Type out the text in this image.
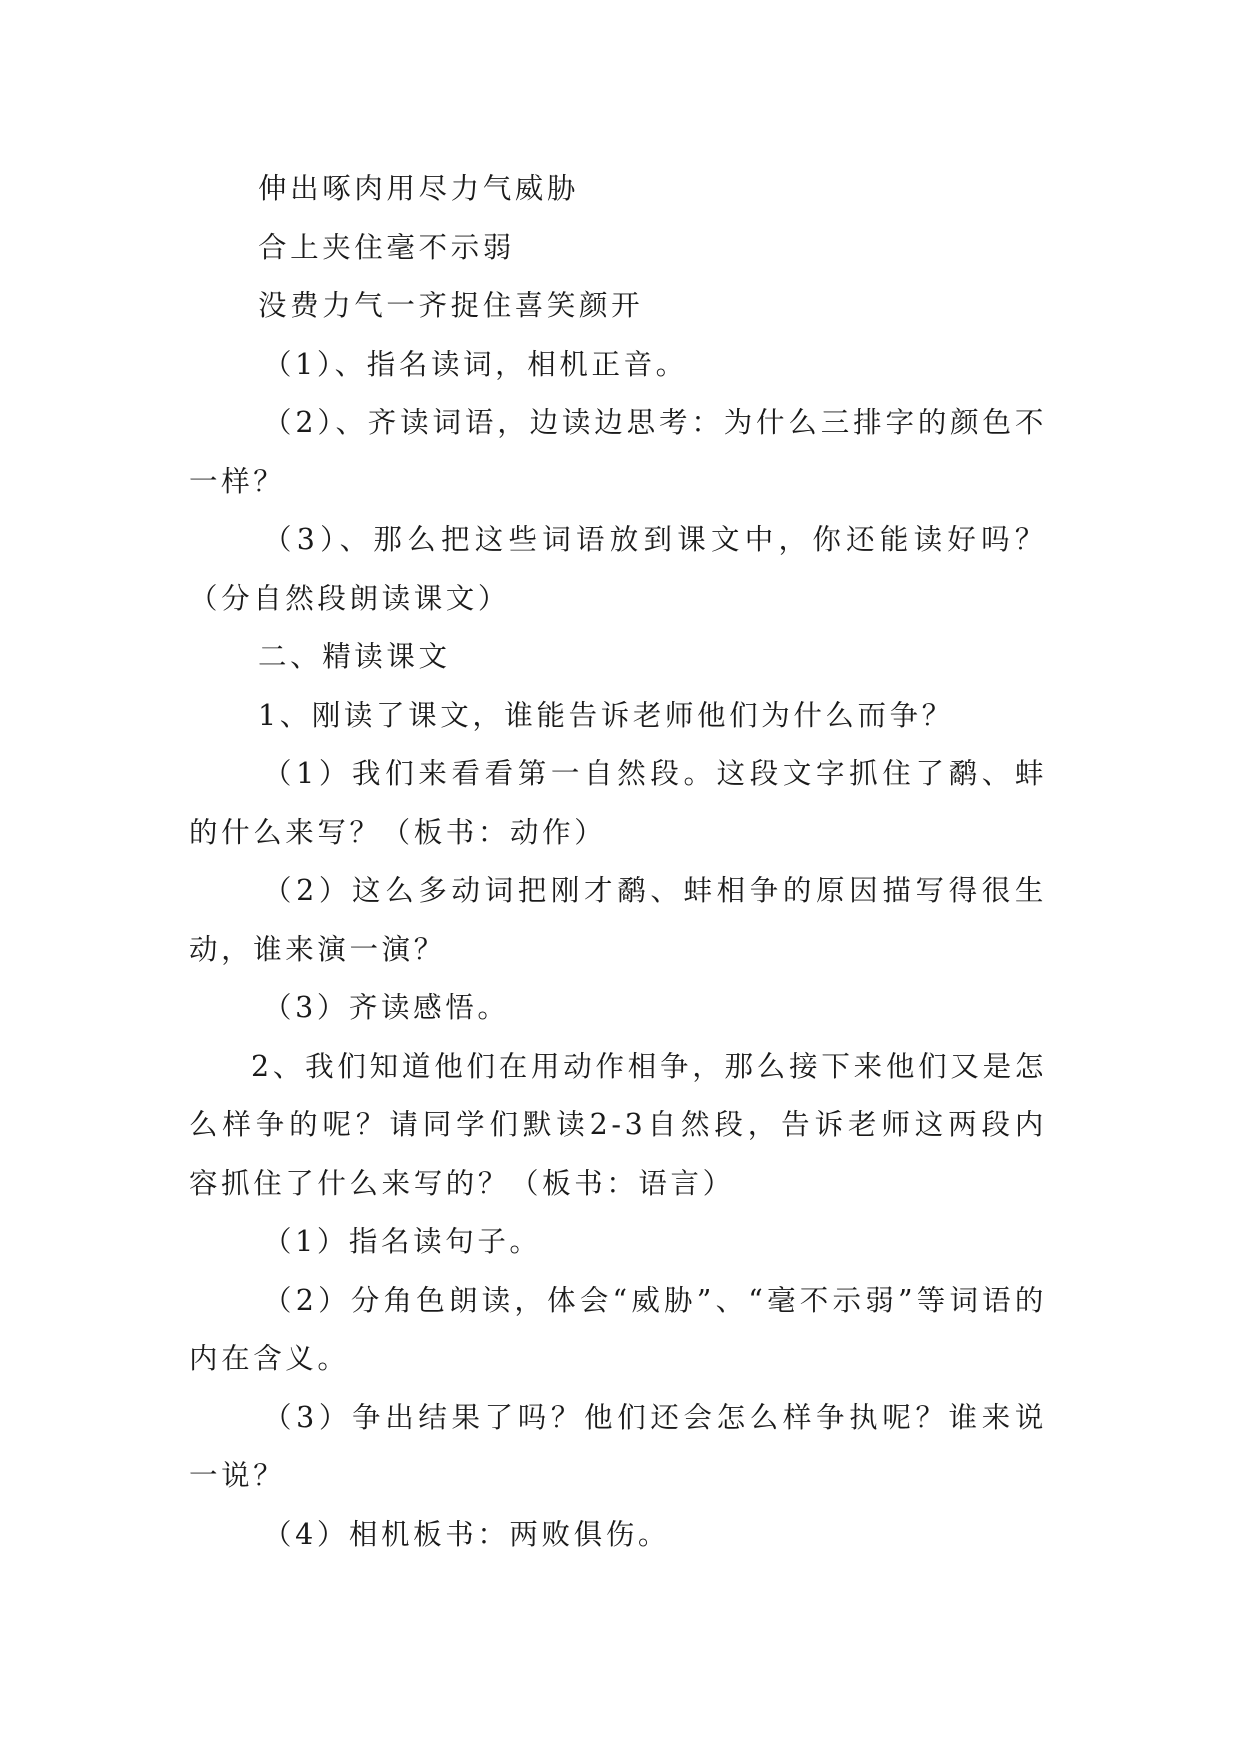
伸出啄肉用尽力气威胁

合上夹住毫不示弱

没费力气一齐捉住喜笑颜开

（1）、指名读词，相机正音。

（2）、齐读词语，边读边思考：为什么三排字的颜色不一样？

（3）、那么把这些词语放到课文中，你还能读好吗？（分自然段朗读课文）

二、精读课文

1、刚读了课文，谁能告诉老师他们为什么而争？

（1）我们来看看第一自然段。这段文字抓住了鹬、蚌的什么来写？（板书：动作）

（2）这么多动词把刚才鹬、蚌相争的原因描写得很生动，谁来演一演？

（3）齐读感悟。

2、我们知道他们在用动作相争，那么接下来他们又是怎么样争的呢？请同学们默读2-3自然段，告诉老师这两段内容抓住了什么来写的？（板书：语言）

（1）指名读句子。

（2）分角色朗读，体会“威胁”、“毫不示弱”等词语的内在含义。

（3）争出结果了吗？他们还会怎么样争执呢？谁来说一说？

（4）相机板书：两败俱伤。
